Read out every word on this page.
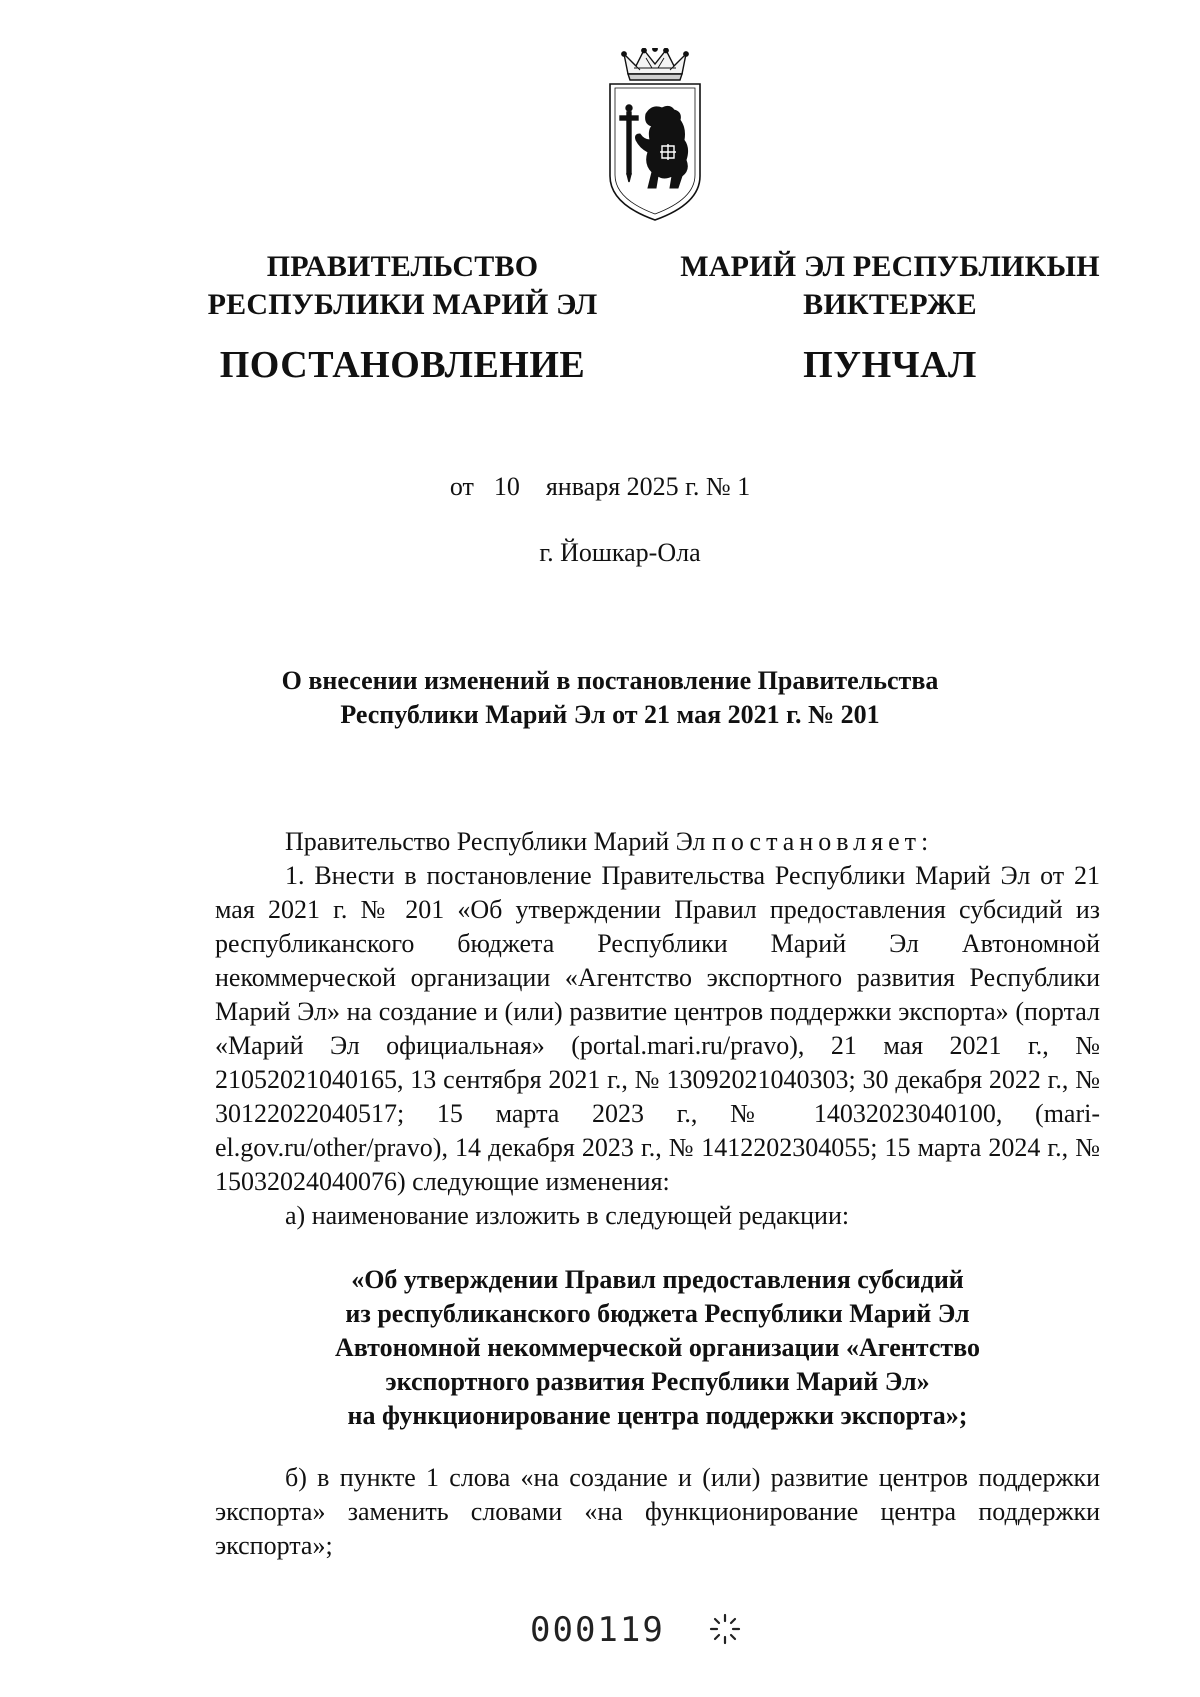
ПРАВИТЕЛЬСТВО
РЕСПУБЛИКИ МАРИЙ ЭЛ
ПОСТАНОВЛЕНИЕ
МАРИЙ ЭЛ РЕСПУБЛИКЫН
ВИКТЕРЖЕ
ПУНЧАЛ
от 10 января 2025 г. № 1
г. Йошкар-Ола
О внесении изменений в постановление Правительства
Республики Марий Эл от 21 мая 2021 г. № 201

Правительство Республики Марий Эл постановляет:

1. Внести в постановление Правительства Республики Марий Эл от 21 мая 2021 г. № 201 «Об утверждении Правил предоставления субсидий из республиканского бюджета Республики Марий Эл Автономной некоммерческой организации «Агентство экспортного развития Республики Марий Эл» на создание и (или) развитие центров поддержки экспорта» (портал «Марий Эл официальная» (portal.mari.ru/pravo), 21 мая 2021 г., № 21052021040165, 13 сентября 2021 г., № 13092021040303; 30 декабря 2022 г., № 30122022040517; 15 марта 2023 г., № 14032023040100, (mari-el.gov.ru/other/pravo), 14 декабря 2023 г., № 1412202304055; 15 марта 2024 г., № 15032024040076) следующие изменения:

а) наименование изложить в следующей редакции:

«Об утверждении Правил предоставления субсидий
из республиканского бюджета Республики Марий Эл
Автономной некоммерческой организации «Агентство
экспортного развития Республики Марий Эл»
на функционирование центра поддержки экспорта»;

б) в пункте 1 слова «на создание и (или) развитие центров поддержки экспорта» заменить словами «на функционирование центра поддержки экспорта»;

000119
